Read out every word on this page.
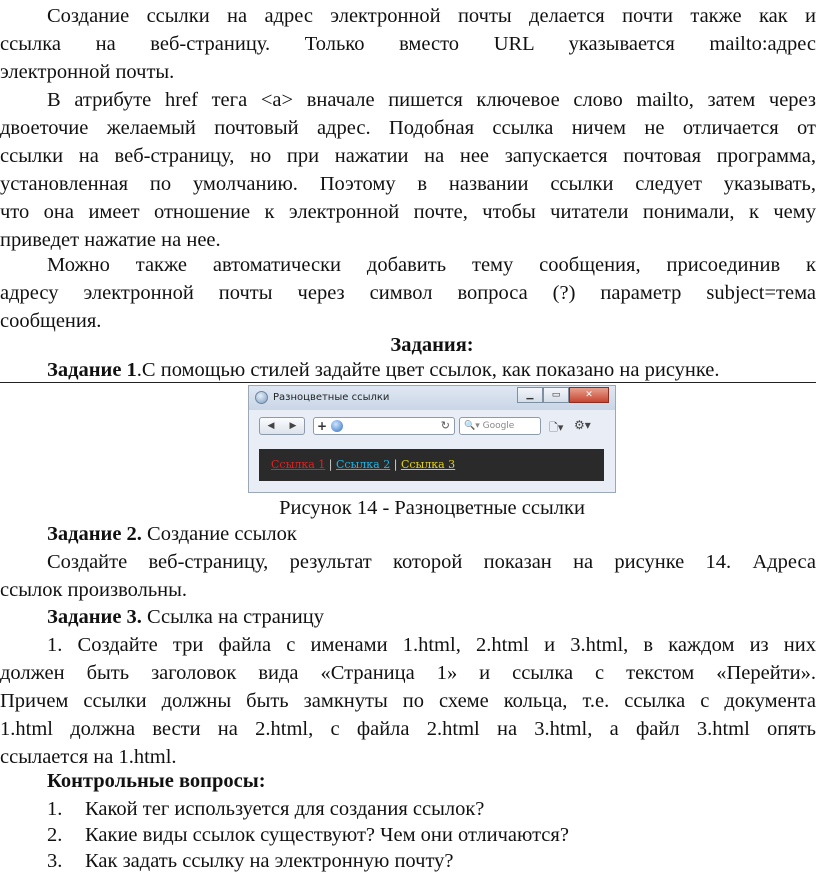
Создание ссылки на адрес электронной почты делается почти также как и
ссылка на веб-страницу. Только вместо URL указывается mailto:адрес
электронной почты.
В атрибуте href тега <a> вначале пишется ключевое слово mailto, затем через
двоеточие желаемый почтовый адрес. Подобная ссылка ничем не отличается от
ссылки на веб-страницу, но при нажатии на нее запускается почтовая программа,
установленная по умолчанию. Поэтому в названии ссылки следует указывать,
что она имеет отношение к электронной почте, чтобы читатели понимали, к чему
приведет нажатие на нее.
Можно также автоматически добавить тему сообщения, присоединив к
адресу электронной почты через символ вопроса (?) параметр subject=тема
сообщения.
Задания:
Задание 1.С помощью стилей задайте цвет ссылок, как показано на рисунке.
Разноцветные ссылки	▁	▭	✕
◀	▶	+	↻	🔍▾ Google	🗋▾ ⚙▾
Ссылка 1 | Ссылка 2 | Ссылка 3
Рисунок 14 - Разноцветные ссылки
Задание 2. Создание ссылок
Создайте веб-страницу, результат которой показан на рисунке 14. Адреса
ссылок произвольны.
Задание 3. Ссылка на страницу
1. Создайте три файла с именами 1.html, 2.html и 3.html, в каждом из них
должен быть заголовок вида «Страница 1» и ссылка с текстом «Перейти».
Причем ссылки должны быть замкнуты по схеме кольца, т.е. ссылка с документа
1.html должна вести на 2.html, с файла 2.html на 3.html, а файл 3.html опять
ссылается на 1.html.
Контрольные вопросы:
1. Какой тег используется для создания ссылок?
2. Какие виды ссылок существуют? Чем они отличаются?
3. Как задать ссылку на электронную почту?
